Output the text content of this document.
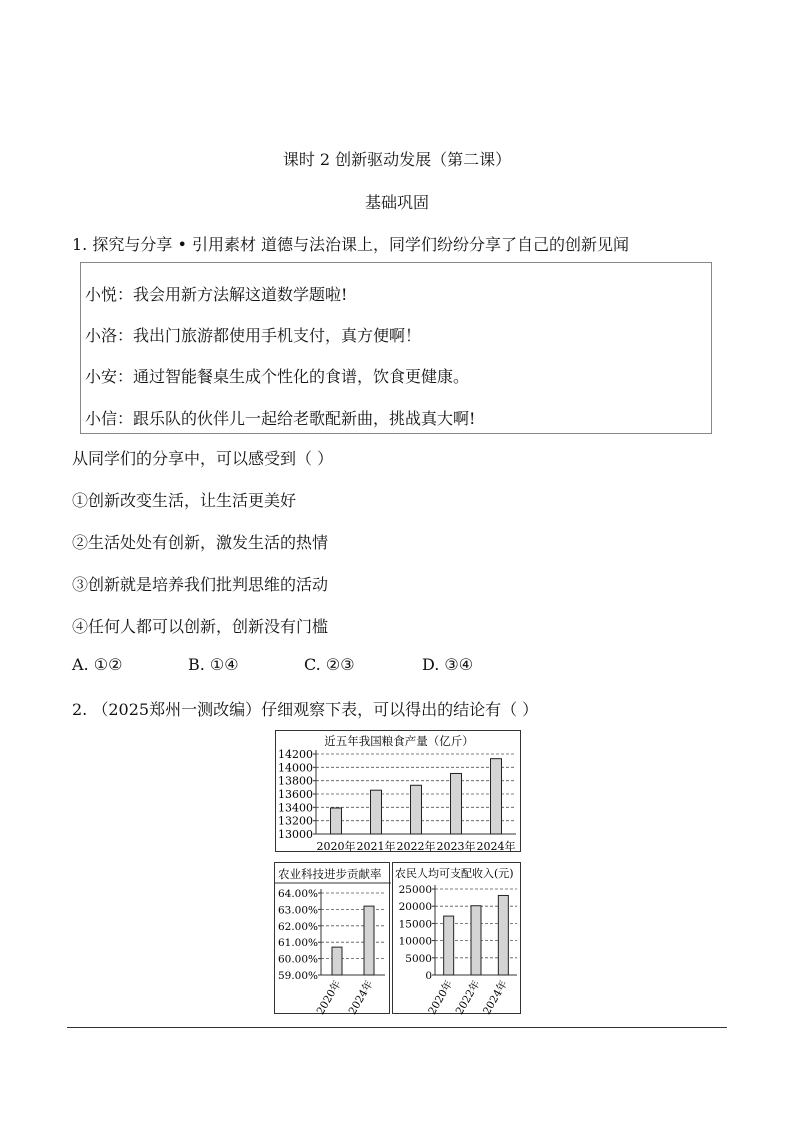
课时 2 创新驱动发展（第二课）
基础巩固
1. 探究与分享 • 引用素材 道德与法治课上，同学们纷纷分享了自己的创新见闻
小悦：我会用新方法解这道数学题啦!
小洛：我出门旅游都使用手机支付，真方便啊！
小安：通过智能餐桌生成个性化的食谱，饮食更健康。
小信：跟乐队的伙伴儿一起给老歌配新曲，挑战真大啊!
从同学们的分享中，可以感受到（ ）
①创新改变生活，让生活更美好
②生活处处有创新，激发生活的热情
③创新就是培养我们批判思维的活动
④任何人都可以创新，创新没有门槛
A. ①②	B. ①④	C. ②③	D. ③④
2. （2025郑州一测改编）仔细观察下表，可以得出的结论有（ ）
近五年我国粮食产量（亿斤）
13000
13200
13400
13600
13800
14000
14200
2020年 2021年 2022年 2023年 2024年
农业科技进步贡献率
59.00%
60.00%
61.00%
62.00%
63.00%
64.00%
2020年 2024年
农民人均可支配收入(元)
0
5000
10000
15000
20000
25000
2020年
2022年
2024年
